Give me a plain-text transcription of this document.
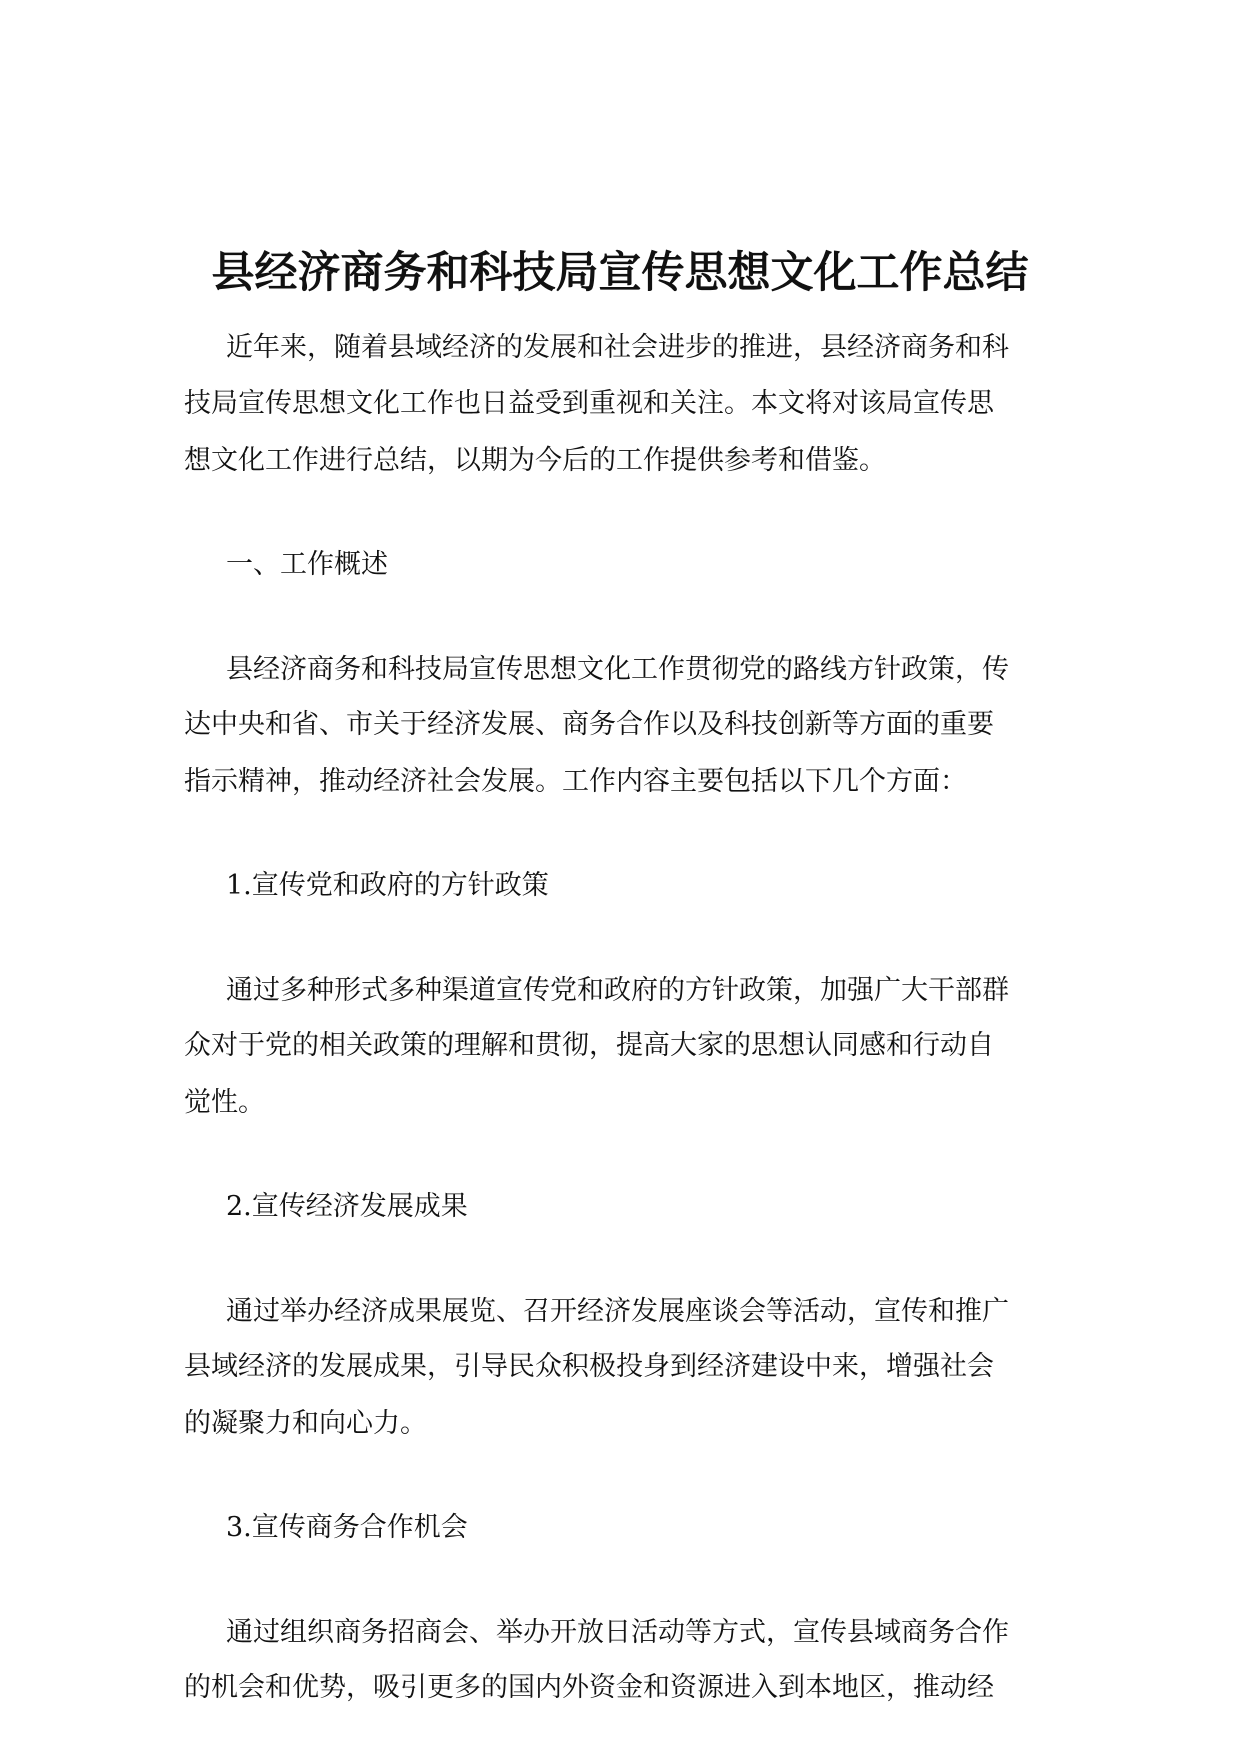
县经济商务和科技局宣传思想文化工作总结

近年来，随着县域经济的发展和社会进步的推进，县经济商务和科

技局宣传思想文化工作也日益受到重视和关注。本文将对该局宣传思

想文化工作进行总结，以期为今后的工作提供参考和借鉴。

一、工作概述

县经济商务和科技局宣传思想文化工作贯彻党的路线方针政策，传

达中央和省、市关于经济发展、商务合作以及科技创新等方面的重要

指示精神，推动经济社会发展。工作内容主要包括以下几个方面：

1.宣传党和政府的方针政策

通过多种形式多种渠道宣传党和政府的方针政策，加强广大干部群

众对于党的相关政策的理解和贯彻，提高大家的思想认同感和行动自

觉性。

2.宣传经济发展成果

通过举办经济成果展览、召开经济发展座谈会等活动，宣传和推广

县域经济的发展成果，引导民众积极投身到经济建设中来，增强社会

的凝聚力和向心力。

3.宣传商务合作机会

通过组织商务招商会、举办开放日活动等方式，宣传县域商务合作

的机会和优势，吸引更多的国内外资金和资源进入到本地区，推动经
